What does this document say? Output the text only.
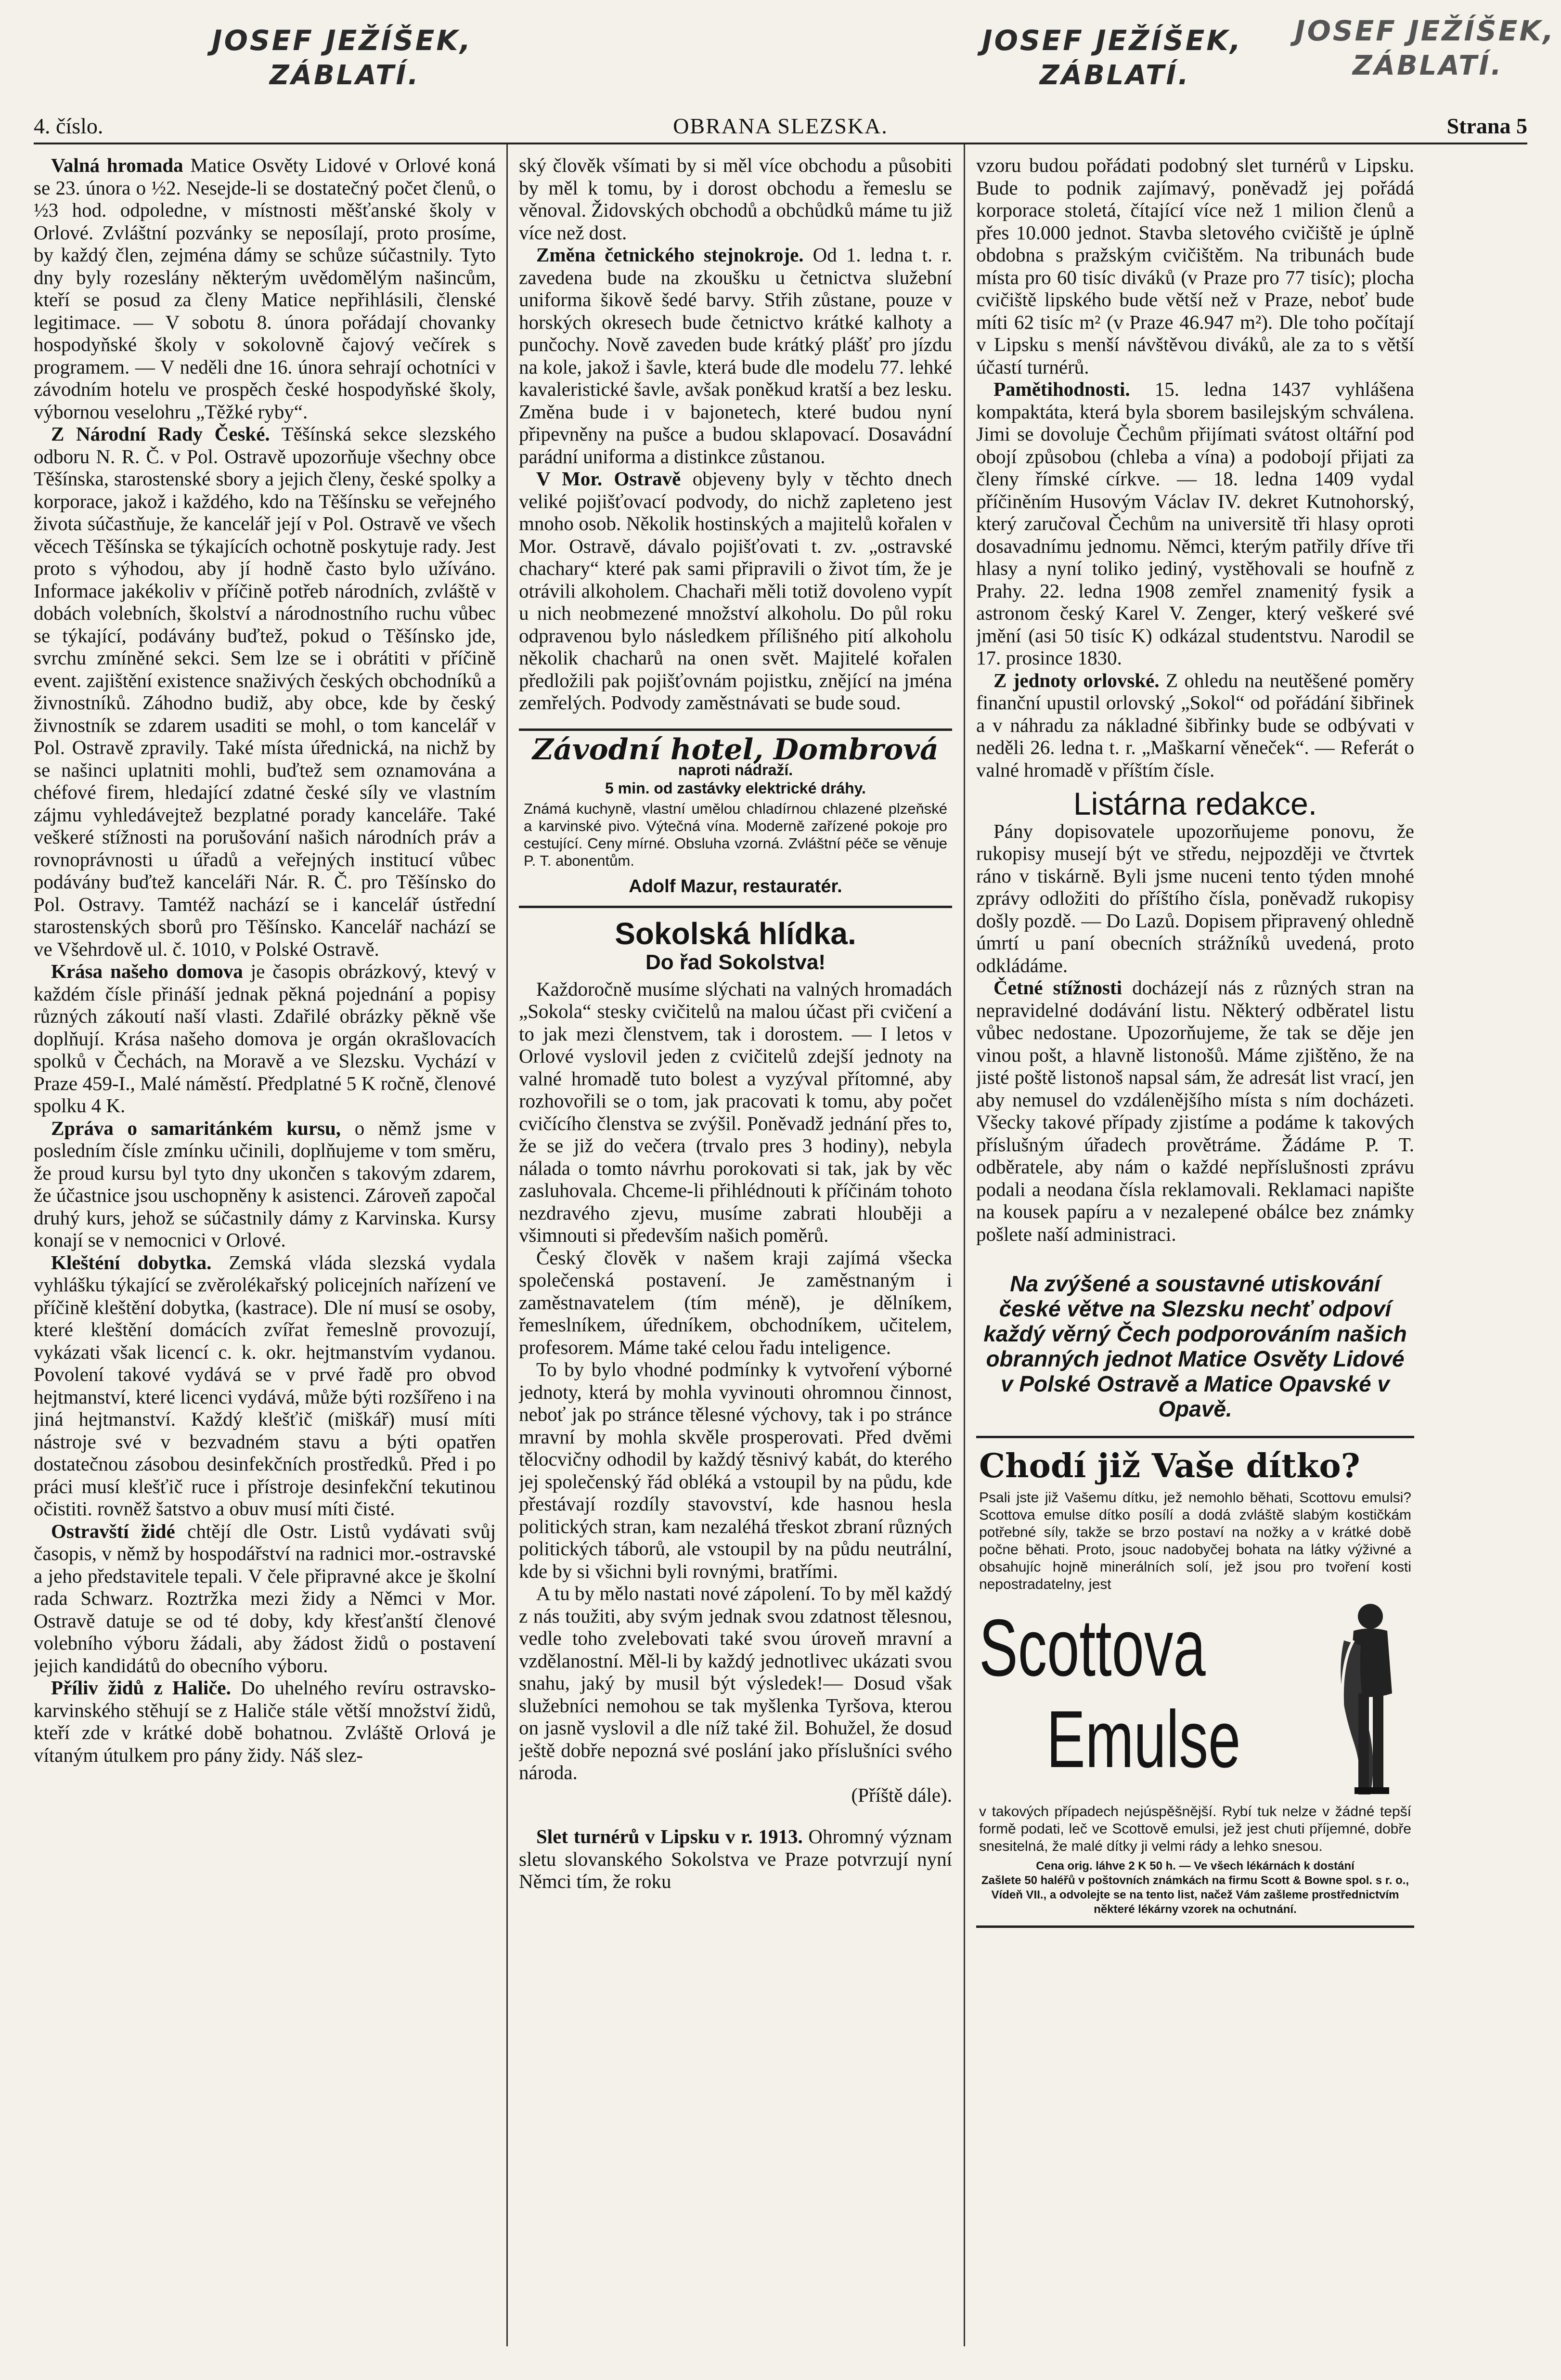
JOSEF JEŽÍŠEK,
ZÁBLATÍ.
JOSEF JEŽÍŠEK,
ZÁBLATÍ.
JOSEF JEŽÍŠEK,
ZÁBLATÍ.
4. číslo.	OBRANA SLEZSKA.	Strana 5

Valná hromada Matice Osvěty Lidové v Orlové koná se 23. února o ½2. Nesejde-li se dostatečný počet členů, o ½3 hod. odpoledne, v místnosti měšťanské školy v Orlové. Zvláštní pozvánky se neposílají, proto prosíme, by každý člen, zejména dámy se schůze súčastnily. Tyto dny byly rozeslány některým uvědomělým našincům, kteří se posud za členy Matice nepřihlásili, členské legitimace. — V sobotu 8. února pořádají chovanky hospodyňské školy v sokolovně čajový večírek s programem. — V neděli dne 16. února sehrají ochotníci v závodním hotelu ve prospěch české hospodyňské školy, výbornou veselohru „Těžké ryby“.

Z Národní Rady České. Těšínská sekce slezského odboru N. R. Č. v Pol. Ostravě upozorňuje všechny obce Těšínska, starostenské sbory a jejich členy, české spolky a korporace, jakož i každého, kdo na Těšínsku se veřejného života súčastňuje, že kancelář její v Pol. Ostravě ve všech věcech Těšínska se týkajících ochotně poskytuje rady. Jest proto s výhodou, aby jí hodně často bylo užíváno. Informace jakékoliv v příčině potřeb národních, zvláště v dobách volebních, školství a národnostního ruchu vůbec se týkající, podávány buďtež, pokud o Těšínsko jde, svrchu zmíněné sekci. Sem lze se i obrátiti v příčině event. zajištění existence snaživých českých obchodníků a živnostníků. Záhodno budiž, aby obce, kde by český živnostník se zdarem usaditi se mohl, o tom kancelář v Pol. Ostravě zpravily. Také místa úřednická, na nichž by se našinci uplatniti mohli, buďtež sem oznamována a chéfové firem, hledající zdatné české síly ve vlastním zájmu vyhledávejtež bezplatné porady kanceláře. Také veškeré stížnosti na porušování našich národních práv a rovnoprávnosti u úřadů a veřejných institucí vůbec podávány buďtež kanceláři Nár. R. Č. pro Těšínsko do Pol. Ostravy. Tamtéž nachází se i kancelář ústřední starostenských sborů pro Těšínsko. Kancelář nachází se ve Všehrdově ul. č. 1010, v Polské Ostravě.

Krása našeho domova je časopis obrázkový, ktevý v každém čísle přináší jednak pěkná pojednání a popisy různých zákoutí naší vlasti. Zdařilé obrázky pěkně vše doplňují. Krása našeho domova je orgán okrašlovacích spolků v Čechách, na Moravě a ve Slezsku. Vychází v Praze 459-I., Malé náměstí. Předplatné 5 K ročně, členové spolku 4 K.

Zpráva o samaritánkém kursu, o němž jsme v posledním čísle zmínku učinili, doplňujeme v tom směru, že proud kursu byl tyto dny ukončen s takovým zdarem, že účastnice jsou uschopněny k asistenci. Zároveň započal druhý kurs, jehož se súčastnily dámy z Karvinska. Kursy konají se v nemocnici v Orlové.

Klešténí dobytka. Zemská vláda slezská vydala vyhlášku týkající se zvěrolékařský policejních nařízení ve příčině kleštění dobytka, (kastrace). Dle ní musí se osoby, které kleštění domácích zvířat řemeslně provozují, vykázati však licencí c. k. okr. hejtmanstvím vydanou. Povolení takové vydává se v prvé řadě pro obvod hejtmanství, které licenci vydává, může býti rozšířeno i na jiná hejtmanství. Každý klešťič (miškář) musí míti nástroje své v bezvadném stavu a býti opatřen dostatečnou zásobou desinfekčních prostředků. Před i po práci musí klešťič ruce i přístroje desinfekční tekutinou očistiti. rovněž šatstvo a obuv musí míti čisté.

Ostravští židé chtějí dle Ostr. Listů vydávati svůj časopis, v němž by hospodářství na radnici mor.-ostravské a jeho představitele tepali. V čele připravné akce je školní rada Schwarz. Roztržka mezi židy a Němci v Mor. Ostravě datuje se od té doby, kdy křesťanští členové volebního výboru žádali, aby žádost židů o postavení jejich kandidátů do obecního výboru.

Příliv židů z Haliče. Do uhelného revíru ostravsko-karvinského stěhují se z Haliče stále větší množství židů, kteří zde v krátké době bohatnou. Zvláště Orlová je vítaným útulkem pro pány židy. Náš slez-

ský člověk všímati by si měl více obchodu a působiti by měl k tomu, by i dorost obchodu a řemeslu se věnoval. Židovských obchodů a obchůdků máme tu již více než dost.

Změna četnického stejnokroje. Od 1. ledna t. r. zavedena bude na zkoušku u četnictva služební uniforma šikově šedé barvy. Střih zůstane, pouze v horských okresech bude četnictvo krátké kalhoty a punčochy. Nově zaveden bude krátký plášť pro jízdu na kole, jakož i šavle, která bude dle modelu 77. lehké kavaleristické šavle, avšak poněkud kratší a bez lesku. Změna bude i v bajonetech, které budou nyní připevněny na pušce a budou sklapovací. Dosavádní parádní uniforma a distinkce zůstanou.

V Mor. Ostravě objeveny byly v těchto dnech veliké pojišťovací podvody, do nichž zapleteno jest mnoho osob. Několik hostinských a majitelů kořalen v Mor. Ostravě, dávalo pojišťovati t. zv. „ostravské chachary“ které pak sami připravili o život tím, že je otrávili alkoholem. Chachaři měli totiž dovoleno vypít u nich neobmezené množství alkoholu. Do půl roku odpravenou bylo následkem přílišného pití alkoholu několik chacharů na onen svět. Majitelé kořalen předložili pak pojišťovnám pojistku, znějící na jména zemřelých. Podvody zaměstnávati se bude soud.

Závodní hotel, Dombrová
naproti nádraží.
5 min. od zastávky elektrické dráhy.
Známá kuchyně, vlastní umělou chladírnou chlazené plzeňské a karvinské pivo. Výtečná vína. Moderně zařízené pokoje pro cestující. Ceny mírné. Obsluha vzorná. Zvláštní péče se věnuje P. T. abonentům.
Adolf Mazur, restauratér.
Sokolská hlídka.
Do řad Sokolstva!

Každoročně musíme slýchati na valných hromadách „Sokola“ stesky cvičitelů na malou účast při cvičení a to jak mezi členstvem, tak i dorostem. — I letos v Orlové vyslovil jeden z cvičitelů zdejší jednoty na valné hromadě tuto bolest a vyzýval přítomné, aby rozhovořili se o tom, jak pracovati k tomu, aby počet cvičícího členstva se zvýšil. Poněvadž jednání přes to, že se již do večera (trvalo pres 3 hodiny), nebyla nálada o tomto návrhu porokovati si tak, jak by věc zasluhovala. Chceme-li přihlédnouti k příčinám tohoto nezdravého zjevu, musíme zabrati hlouběji a všimnouti si především našich poměrů.

Český člověk v našem kraji zajímá všecka společenská postavení. Je zaměstnaným i zaměstnavatelem (tím méně), je dělníkem, řemeslníkem, úředníkem, obchodníkem, učitelem, profesorem. Máme také celou řadu inteligence.

To by bylo vhodné podmínky k vytvoření výborné jednoty, která by mohla vyvinouti ohromnou činnost, neboť jak po stránce tělesné výchovy, tak i po stránce mravní by mohla skvěle prosperovati. Před dvěmi tělocvičny odhodil by každý těsnivý kabát, do kterého jej společenský řád obléká a vstoupil by na půdu, kde přestávají rozdíly stavovství, kde hasnou hesla politických stran, kam nezaléhá třeskot zbraní různých politických táborů, ale vstoupil by na půdu neutrální, kde by si všichni byli rovnými, bratřími.

A tu by mělo nastati nové zápolení. To by měl každý z nás toužiti, aby svým jednak svou zdatnost tělesnou, vedle toho zvelebovati také svou úroveň mravní a vzdělanostní. Měl-li by každý jednotlivec ukázati svou snahu, jaký by musil být výsledek!— Dosud však služebníci nemohou se tak myšlenka Tyršova, kterou on jasně vyslovil a dle níž také žil. Bohužel, že dosud ještě dobře nepozná své poslání jako příslušníci svého národa.

(Příště dále).

Slet turnérů v Lipsku v r. 1913. Ohromný význam sletu slovanského Sokolstva ve Praze potvrzují nyní Němci tím, že roku

vzoru budou pořádati podobný slet turnérů v Lipsku. Bude to podnik zajímavý, poněvadž jej pořádá korporace stoletá, čítající více než 1 milion členů a přes 10.000 jednot. Stavba sletového cvičiště je úplně obdobna s pražským cvičištěm. Na tribunách bude místa pro 60 tisíc diváků (v Praze pro 77 tisíc); plocha cvičiště lipského bude větší než v Praze, neboť bude míti 62 tisíc m² (v Praze 46.947 m²). Dle toho počítají v Lipsku s menší návštěvou diváků, ale za to s větší účastí turnérů.

Pamětihodnosti. 15. ledna 1437 vyhlášena kompaktáta, která byla sborem basilejským schválena. Jimi se dovoluje Čechům přijímati svátost oltářní pod obojí způsobou (chleba a vína) a podobojí přijati za členy římské církve. — 18. ledna 1409 vydal příčiněním Husovým Václav IV. dekret Kutnohorský, který zaručoval Čechům na universitě tři hlasy oproti dosavadnímu jednomu. Němci, kterým patřily dříve tři hlasy a nyní toliko jediný, vystěhovali se houfně z Prahy. 22. ledna 1908 zemřel znamenitý fysik a astronom český Karel V. Zenger, který veškeré své jmění (asi 50 tisíc K) odkázal studentstvu. Narodil se 17. prosince 1830.

Z jednoty orlovské. Z ohledu na neutěšené poměry finanční upustil orlovský „Sokol“ od pořádání šibřinek a v náhradu za nákladné šibřinky bude se odbývati v neděli 26. ledna t. r. „Maškarní věneček“. — Referát o valné hromadě v příštím čísle.

Listárna redakce.

Pány dopisovatele upozorňujeme ponovu, že rukopisy musejí být ve středu, nejpozději ve čtvrtek ráno v tiskárně. Byli jsme nuceni tento týden mnohé zprávy odložiti do příštího čísla, poněvadž rukopisy došly pozdě. — Do Lazů. Dopisem připravený ohledně úmrtí u paní obecních strážníků uvedená, proto odkládáme.

Četné stížnosti docházejí nás z různých stran na nepravidelné dodávání listu. Některý odběratel listu vůbec nedostane. Upozorňujeme, že tak se děje jen vinou pošt, a hlavně listonošů. Máme zjištěno, že na jisté poště listonoš napsal sám, že adresát list vrací, jen aby nemusel do vzdálenějšího místa s ním docházeti. Všecky takové případy zjistíme a podáme k takových příslušným úřadech provětráme. Žádáme P. T. odběratele, aby nám o každé nepříslušnosti zprávu podali a neodana čísla reklamovali. Reklamaci napište na kousek papíru a v nezalepené obálce bez známky pošlete naší administraci.

Na zvýšené a soustavné utiskování české větve na Slezsku nechť odpoví každý věrný Čech podporováním našich obranných jednot Matice Osvěty Lidové v Polské Ostravě a Matice Opavské v Opavě.
Chodí již Vaše dítko?
Psali jste již Vašemu dítku, jež nemohlo běhati, Scottovu emulsi? Scottova emulse dítko posílí a dodá zvláště slabým kostičkám potřebné síly, takže se brzo postaví na nožky a v krátké době počne běhati. Proto, jsouc nadobyčej bohata na látky výživné a obsahujíc hojně minerálních solí, jež jsou pro tvoření kosti nepostradatelny, jest
Scottova
Emulse
v takových případech nejúspěšnější. Rybí tuk nelze v žádné tepší formě podati, leč ve Scottově emulsi, jež jest chuti příjemné, dobře snesitelná, že malé dítky ji velmi rády a lehko snesou.
Cena orig. láhve 2 K 50 h. — Ve všech lékárnách k dostání
Zašlete 50 haléřů v poštovních známkách na firmu Scott & Bowne spol. s r. o., Vídeň VII., a odvolejte se na tento list, načež Vám zašleme prostřednictvím některé lékárny vzorek na ochutnání.
